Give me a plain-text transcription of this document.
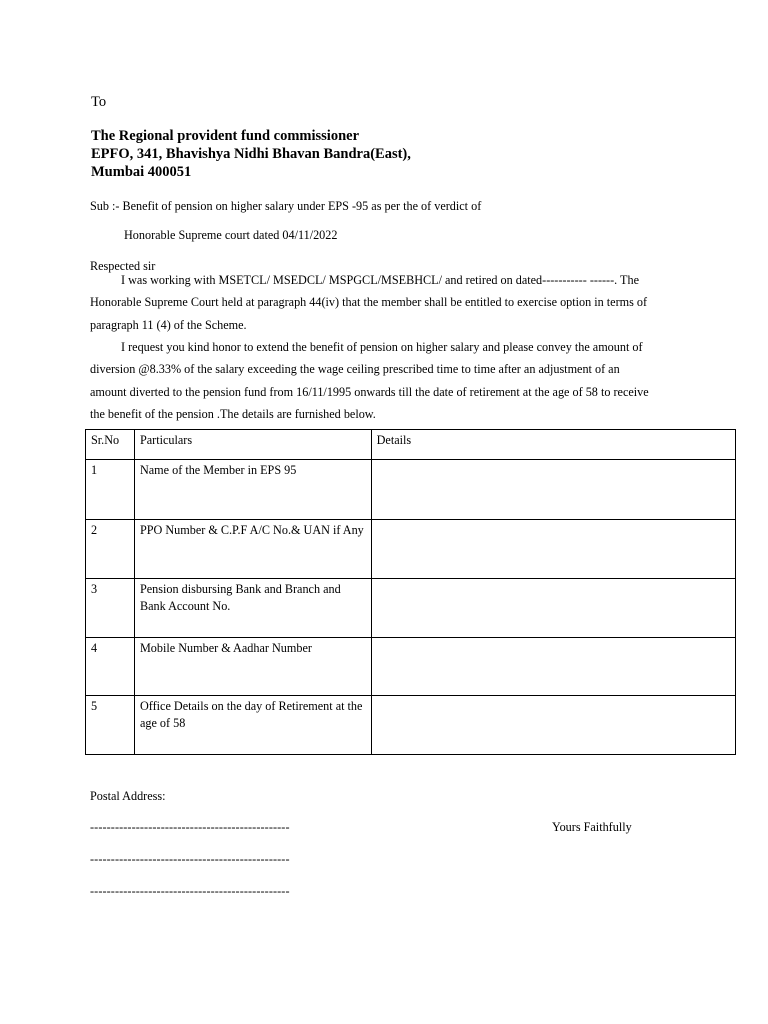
To
The Regional provident fund commissioner
EPFO, 341, Bhavishya Nidhi Bhavan Bandra(East),
Mumbai 400051
Sub :- Benefit of pension on higher salary under EPS -95 as per the of verdict of
Honorable Supreme court dated 04/11/2022
Respected sir
I was working with MSETCL/ MSEDCL/ MSPGCL/MSEBHCL/ and retired on dated----------- ------. The
Honorable Supreme Court held at paragraph 44(iv) that the member shall be entitled to exercise option in terms of
paragraph 11 (4) of the Scheme.
I request you kind honor to extend the benefit of pension on higher salary and please convey the amount of
diversion @8.33% of the salary exceeding the wage ceiling prescribed time to time after an adjustment of an
amount diverted to the pension fund from 16/11/1995 onwards till the date of retirement at the age of 58 to receive
the benefit of the pension .The details are furnished below.
Sr.No	Particulars	Details
1	Name of the Member in EPS 95	
2	PPO Number & C.P.F A/C No.& UAN if Any	
3	Pension disbursing Bank and Branch and Bank Account No.	
4	Mobile Number & Aadhar Number	
5	Office Details on the day of Retirement at the age of 58	
Postal Address:
------------------------------------------------
------------------------------------------------
------------------------------------------------
Yours Faithfully
